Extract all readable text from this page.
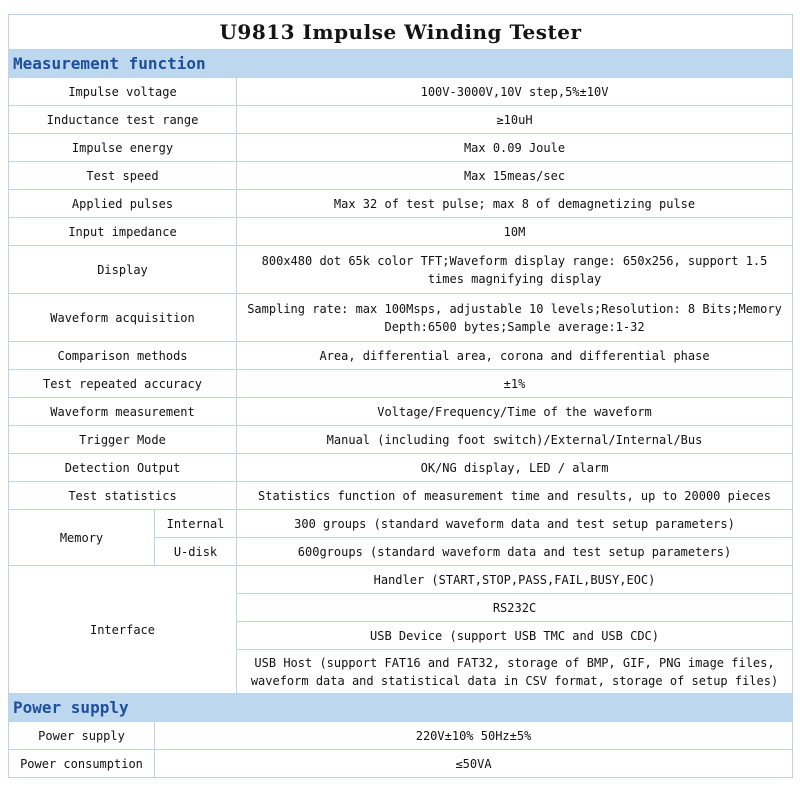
U9813 Impulse Winding Tester		
Measurement function		
Impulse voltage		100V-3000V,10V step,5%±10V
Inductance test range		≥10uH
Impulse energy		Max 0.09 Joule
Test speed		Max 15meas/sec
Applied pulses		Max 32 of test pulse; max 8 of demagnetizing pulse
Input impedance		10M
Display		800x480 dot 65k color TFT;Waveform display range: 650x256, support 1.5 times magnifying display
Waveform acquisition		Sampling rate: max 100Msps, adjustable 10 levels;Resolution: 8 Bits;Memory Depth:6500 bytes;Sample average:1-32
Comparison methods		Area, differential area, corona and differential phase
Test repeated accuracy		±1%
Waveform measurement		Voltage/Frequency/Time of the waveform
Trigger Mode		Manual (including foot switch)/External/Internal/Bus
Detection Output		OK/NG display, LED / alarm
Test statistics		Statistics function of measurement time and results, up to 20000 pieces
Memory	Internal	300 groups (standard waveform data and test setup parameters)
	U-disk	600groups (standard waveform data and test setup parameters)
Interface		Handler (START,STOP,PASS,FAIL,BUSY,EOC)
		RS232C
		USB Device (support USB TMC and USB CDC)
		USB Host (support FAT16 and FAT32, storage of BMP, GIF, PNG image files, waveform data and statistical data in CSV format, storage of setup files)
Power supply		
Power supply	220V±10% 50Hz±5%	
Power consumption	≤50VA	
